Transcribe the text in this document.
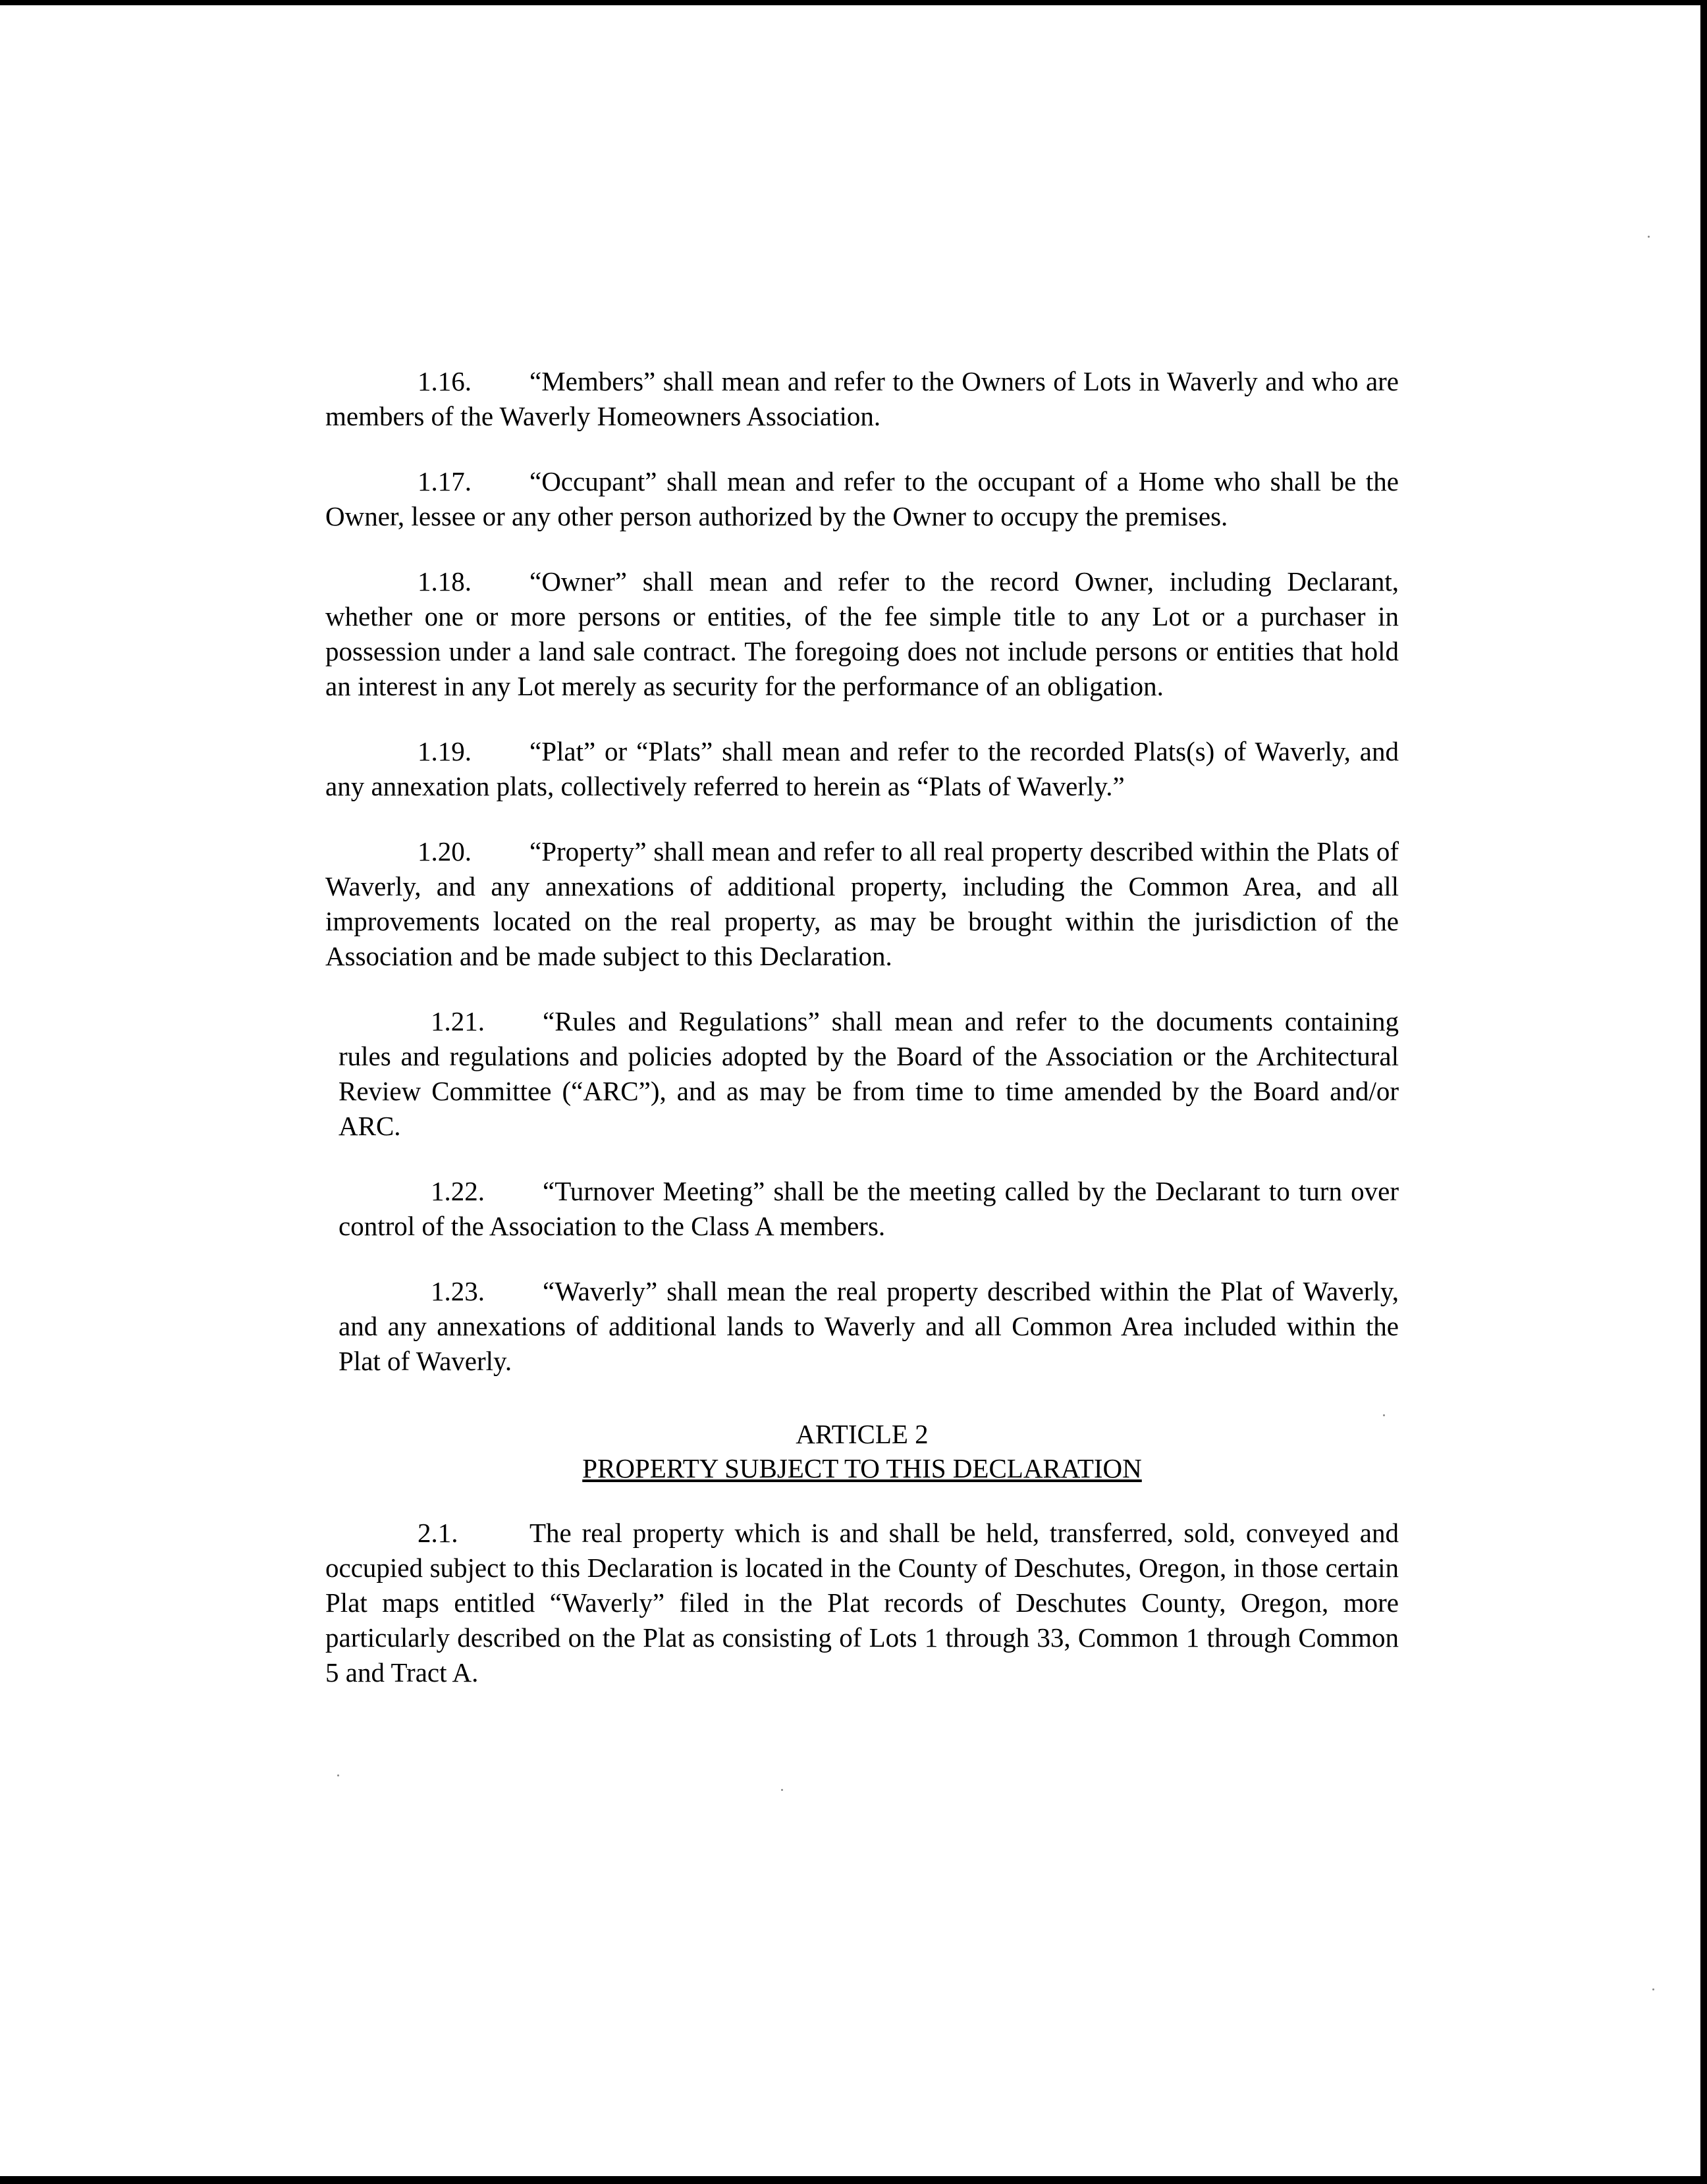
1.16. “Members” shall mean and refer to the Owners of Lots in Waverly and who are members of the Waverly Homeowners Association.

1.17. “Occupant” shall mean and refer to the occupant of a Home who shall be the Owner, lessee or any other person authorized by the Owner to occupy the premises.

1.18. “Owner” shall mean and refer to the record Owner, including Declarant, whether one or more persons or entities, of the fee simple title to any Lot or a purchaser in possession under a land sale contract. The foregoing does not include persons or entities that hold an interest in any Lot merely as security for the performance of an obligation.

1.19. “Plat” or “Plats” shall mean and refer to the recorded Plats(s) of Waverly, and any annexation plats, collectively referred to herein as “Plats of Waverly.”

1.20. “Property” shall mean and refer to all real property described within the Plats of Waverly, and any annexations of additional property, including the Common Area, and all improvements located on the real property, as may be brought within the jurisdiction of the Association and be made subject to this Declaration.

1.21. “Rules and Regulations” shall mean and refer to the documents containing rules and regulations and policies adopted by the Board of the Association or the Architectural Review Committee (“ARC”), and as may be from time to time amended by the Board and/or ARC.

1.22. “Turnover Meeting” shall be the meeting called by the Declarant to turn over control of the Association to the Class A members.

1.23. “Waverly” shall mean the real property described within the Plat of Waverly, and any annexations of additional lands to Waverly and all Common Area included within the Plat of Waverly.

ARTICLE 2
PROPERTY SUBJECT TO THIS DECLARATION

2.1.	The real property which is and shall be held, transferred, sold, conveyed and occupied subject to this Declaration is located in the County of Deschutes, Oregon, in those certain Plat maps entitled “Waverly” filed in the Plat records of Deschutes County, Oregon, more particularly described on the Plat as consisting of Lots 1 through 33, Common 1 through Common 5 and Tract A.
